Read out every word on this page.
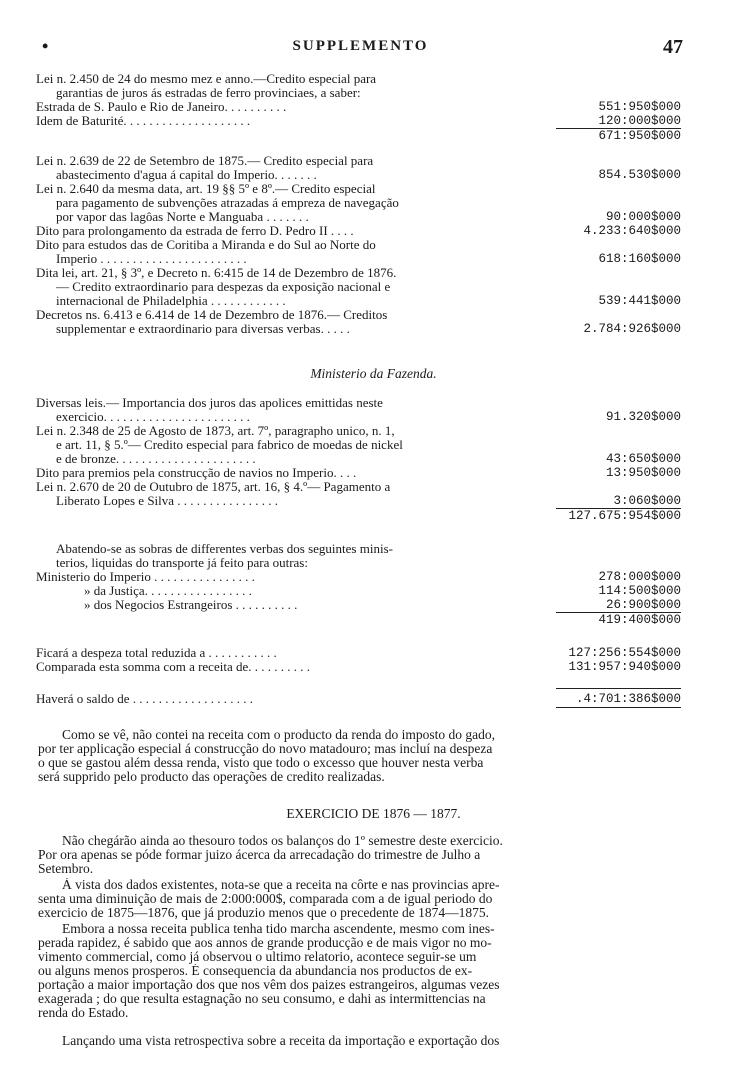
•	SUPPLEMENTO	47
Lei n. 2.450 de 24 do mesmo mez e anno.—Credito especial para
garantias de juros ás estradas de ferro provinciaes, a saber:
Estrada de S. Paulo e Rio de Janeiro. . . . . . . . . .	551:950$000
Idem de Baturité. . . . . . . . . . . . . . . . . . . .	120:000$000
671:950$000
Lei n. 2.639 de 22 de Setembro de 1875.— Credito especial para
abastecimento d'agua á capital do Imperio. . . . . . .	854.530$000
Lei n. 2.640 da mesma data, art. 19 §§ 5º e 8º.— Credito especial
para pagamento de subvenções atrazadas á empreza de navegação
por vapor das lagôas Norte e Manguaba . . . . . . .	90:000$000
Dito para prolongamento da estrada de ferro D. Pedro II . . . .	4.233:640$000
Dito para estudos das de Coritiba a Miranda e do Sul ao Norte do
Imperio . . . . . . . . . . . . . . . . . . . . . . .	618:160$000
Dita lei, art. 21, § 3º, e Decreto n. 6:415 de 14 de Dezembro de 1876.
— Credito extraordinario para despezas da exposição nacional e
internacional de Philadelphia . . . . . . . . . . . .	539:441$000
Decretos ns. 6.413 e 6.414 de 14 de Dezembro de 1876.— Creditos
supplementar e extraordinario para diversas verbas. . . . .	2.784:926$000
Ministerio da Fazenda.
Diversas leis.— Importancia dos juros das apolices emittidas neste
exercicio. . . . . . . . . . . . . . . . . . . . . . .	91.320$000
Lei n. 2.348 de 25 de Agosto de 1873, art. 7º, paragrapho unico, n. 1,
e art. 11, § 5.º— Credito especial para fabrico de moedas de nickel
e de bronze. . . . . . . . . . . . . . . . . . . . . .	43:650$000
Dito para premios pela construcção de navios no Imperio. . . .	13:950$000
Lei n. 2.670 de 20 de Outubro de 1875, art. 16, § 4.º— Pagamento a
Liberato Lopes e Silva . . . . . . . . . . . . . . . .	3:060$000
127.675:954$000
Abatendo-se as sobras de differentes verbas dos seguintes minis-
terios, liquidas do transporte já feito para outras:
Ministerio do Imperio . . . . . . . . . . . . . . . .	278:000$000
» da Justiça. . . . . . . . . . . . . . . . .	114:500$000
» dos Negocios Estrangeiros . . . . . . . . . .	26:900$000
419:400$000
Ficará a despeza total reduzida a . . . . . . . . . . .	127:256:554$000
Comparada esta somma com a receita de. . . . . . . . . .	131:957:940$000
Haverá o saldo de . . . . . . . . . . . . . . . . . . .	.4:701:386$000
Como se vê, não contei na receita com o producto da renda do imposto do gado,
por ter applicação especial á construcção do novo matadouro; mas incluí na despeza
o que se gastou além dessa renda, visto que todo o excesso que houver nesta verba
será supprido pelo producto das operações de credito realizadas.
EXERCICIO DE 1876 — 1877.
Não chegárão ainda ao thesouro todos os balanços do 1º semestre deste exercicio.
Por ora apenas se póde formar juizo ácerca da arrecadação do trimestre de Julho a
Setembro.
Á vista dos dados existentes, nota-se que a receita na côrte e nas provincias apre-
senta uma diminuição de mais de 2:000:000$, comparada com a de igual periodo do
exercicio de 1875—1876, que já produzio menos que o precedente de 1874—1875.
Embora a nossa receita publica tenha tido marcha ascendente, mesmo com ines-
perada rapidez, é sabido que aos annos de grande producção e de mais vigor no mo-
vimento commercial, como já observou o ultimo relatorio, acontece seguir-se um
ou alguns menos prosperos. É consequencia da abundancia nos productos de ex-
portação a maior importação dos que nos vêm dos paizes estrangeiros, algumas vezes
exagerada ; do que resulta estagnação no seu consumo, e dahi as intermittencias na
renda do Estado.
Lançando uma vista retrospectiva sobre a receita da importação e exportação dos
